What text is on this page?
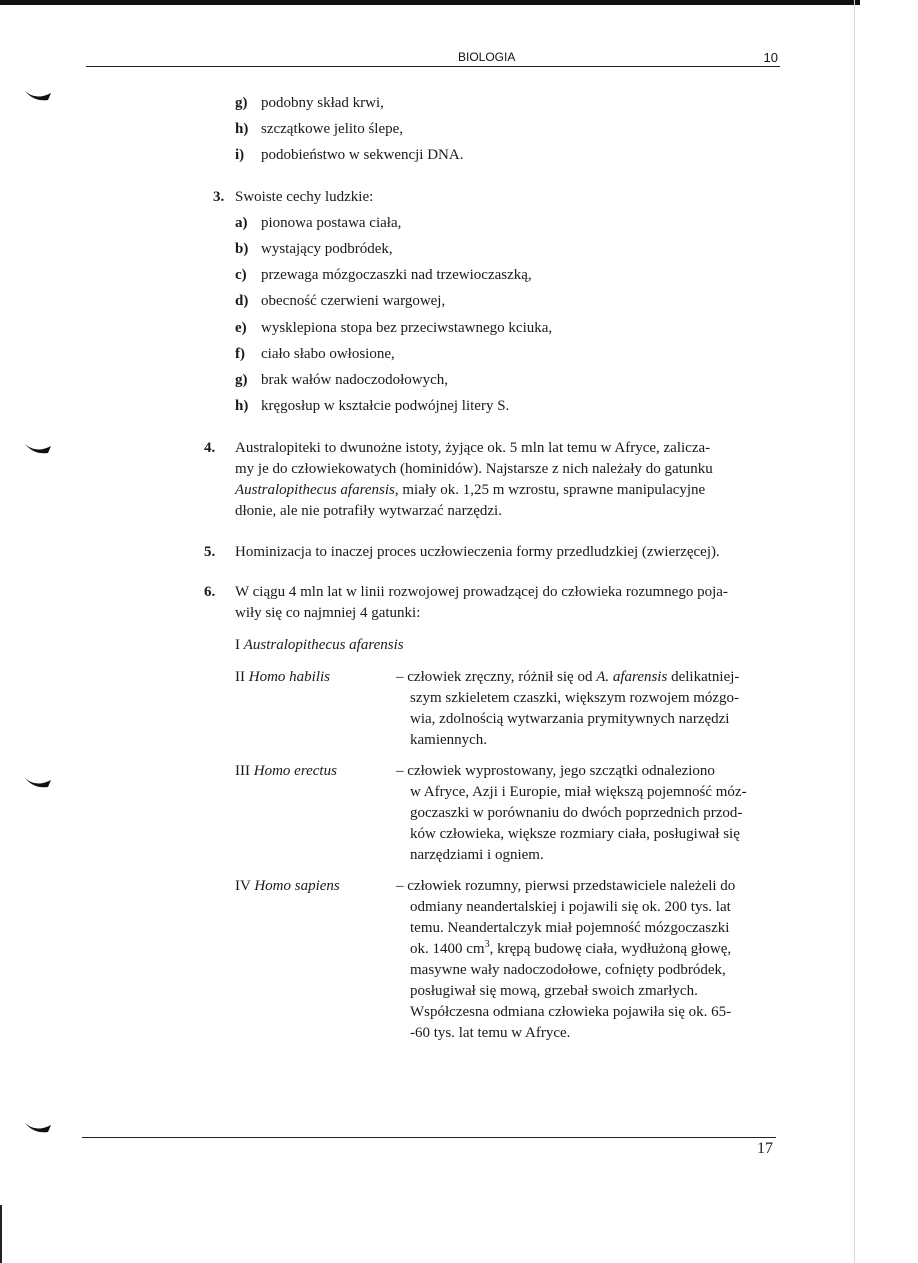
BIOLOGIA	10
g) podobny skład krwi,
h) szczątkowe jelito ślepe,
i) podobieństwo w sekwencji DNA.
3. Swoiste cechy ludzkie:
a) pionowa postawa ciała,
b) wystający podbródek,
c) przewaga mózgoczaszki nad trzewioczaszką,
d) obecność czerwieni wargowej,
e) wysklepiona stopa bez przeciwstawnego kciuka,
f) ciało słabo owłosione,
g) brak wałów nadoczodołowych,
h) kręgosłup w kształcie podwójnej litery S.
4. Australopiteki to dwunożne istoty, żyjące ok. 5 mln lat temu w Afryce, zalicza-
my je do człowiekowatych (hominidów). Najstarsze z nich należały do gatunku
Australopithecus afarensis, miały ok. 1,25 m wzrostu, sprawne manipulacyjne
dłonie, ale nie potrafiły wytwarzać narzędzi.
5. Hominizacja to inaczej proces uczłowieczenia formy przedludzkiej (zwierzęcej).
6. W ciągu 4 mln lat w linii rozwojowej prowadzącej do człowieka rozumnego poja-
wiły się co najmniej 4 gatunki:
I Australopithecus afarensis
II Homo habilis	– człowiek zręczny, różnił się od A. afarensis delikatniej-
szym szkieletem czaszki, większym rozwojem mózgo-
wia, zdolnością wytwarzania prymitywnych narzędzi
kamiennych.
III Homo erectus	– człowiek wyprostowany, jego szczątki odnaleziono
w Afryce, Azji i Europie, miał większą pojemność móz-
goczaszki w porównaniu do dwóch poprzednich przod-
ków człowieka, większe rozmiary ciała, posługiwał się
narzędziami i ogniem.
IV Homo sapiens	– człowiek rozumny, pierwsi przedstawiciele należeli do
odmiany neandertalskiej i pojawili się ok. 200 tys. lat
temu. Neandertalczyk miał pojemność mózgoczaszki
ok. 1400 $cm^3$, krępą budowę ciała, wydłużoną głowę,
masywne wały nadoczodołowe, cofnięty podbródek,
posługiwał się mową, grzebał swoich zmarłych.
Współczesna odmiana człowieka pojawiła się ok. 65-
-60 tys. lat temu w Afryce.
17
